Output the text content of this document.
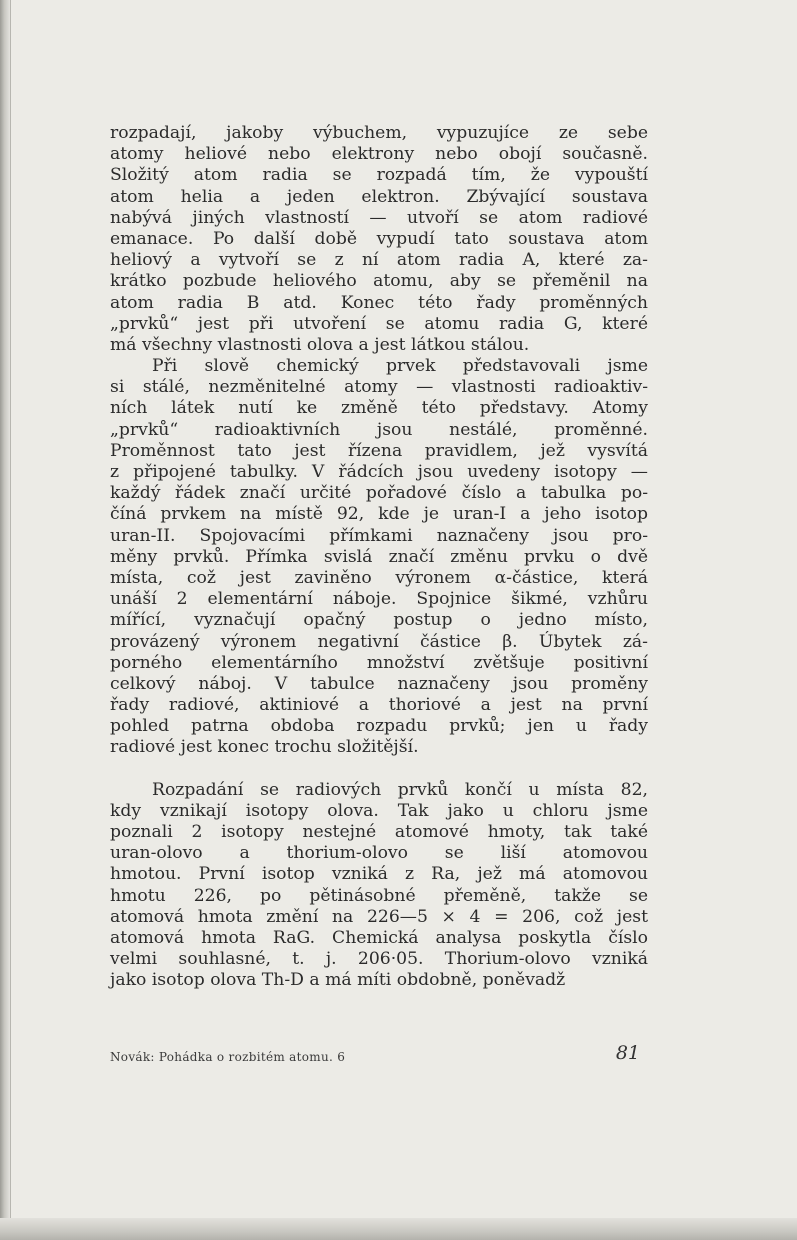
rozpadají, jakoby výbuchem, vypuzujíce ze sebe
atomy heliové nebo elektrony nebo obojí současně.
Složitý atom radia se rozpadá tím, že vypouští
atom helia a jeden elektron. Zbývající soustava
nabývá jiných vlastností — utvoří se atom radiové
emanace. Po další době vypudí tato soustava atom
heliový a vytvoří se z ní atom radia A, které za-
krátko pozbude heliového atomu, aby se přeměnil na
atom radia B atd. Konec této řady proměnných
„prvků“ jest při utvoření se atomu radia G, které
má všechny vlastnosti olova a jest látkou stálou.
Při slově chemický prvek představovali jsme
si stálé, nezměnitelné atomy — vlastnosti radioaktiv-
ních látek nutí ke změně této představy. Atomy
„prvků“ radioaktivních jsou nestálé, proměnné.
Proměnnost tato jest řízena pravidlem, jež vysvítá
z připojené tabulky. V řádcích jsou uvedeny isotopy —
každý řádek značí určité pořadové číslo a tabulka po-
číná prvkem na místě 92, kde je uran-I a jeho isotop
uran-II. Spojovacími přímkami naznačeny jsou pro-
měny prvků. Přímka svislá značí změnu prvku o dvě
místa, což jest zaviněno výronem α-částice, která
unáší 2 elementární náboje. Spojnice šikmé, vzhůru
mířící, vyznačují opačný postup o jedno místo,
provázený výronem negativní částice β. Úbytek zá-
porného elementárního množství zvětšuje positivní
celkový náboj. V tabulce naznačeny jsou proměny
řady radiové, aktiniové a thoriové a jest na první
pohled patrna obdoba rozpadu prvků; jen u řady
radiové jest konec trochu složitější.
Rozpadání se radiových prvků končí u místa 82,
kdy vznikají isotopy olova. Tak jako u chloru jsme
poznali 2 isotopy nestejné atomové hmoty, tak také
uran-olovo a thorium-olovo se liší atomovou
hmotou. První isotop vzniká z Ra, jež má atomovou
hmotu 226, po pětinásobné přeměně, takže se
atomová hmota změní na 226—5 × 4 = 206, což jest
atomová hmota RaG. Chemická analysa poskytla číslo
velmi souhlasné, t. j. 206·05. Thorium-olovo vzniká
jako isotop olova Th-D a má míti obdobně, poněvadž
Novák: Pohádka o rozbitém atomu. 6	81
